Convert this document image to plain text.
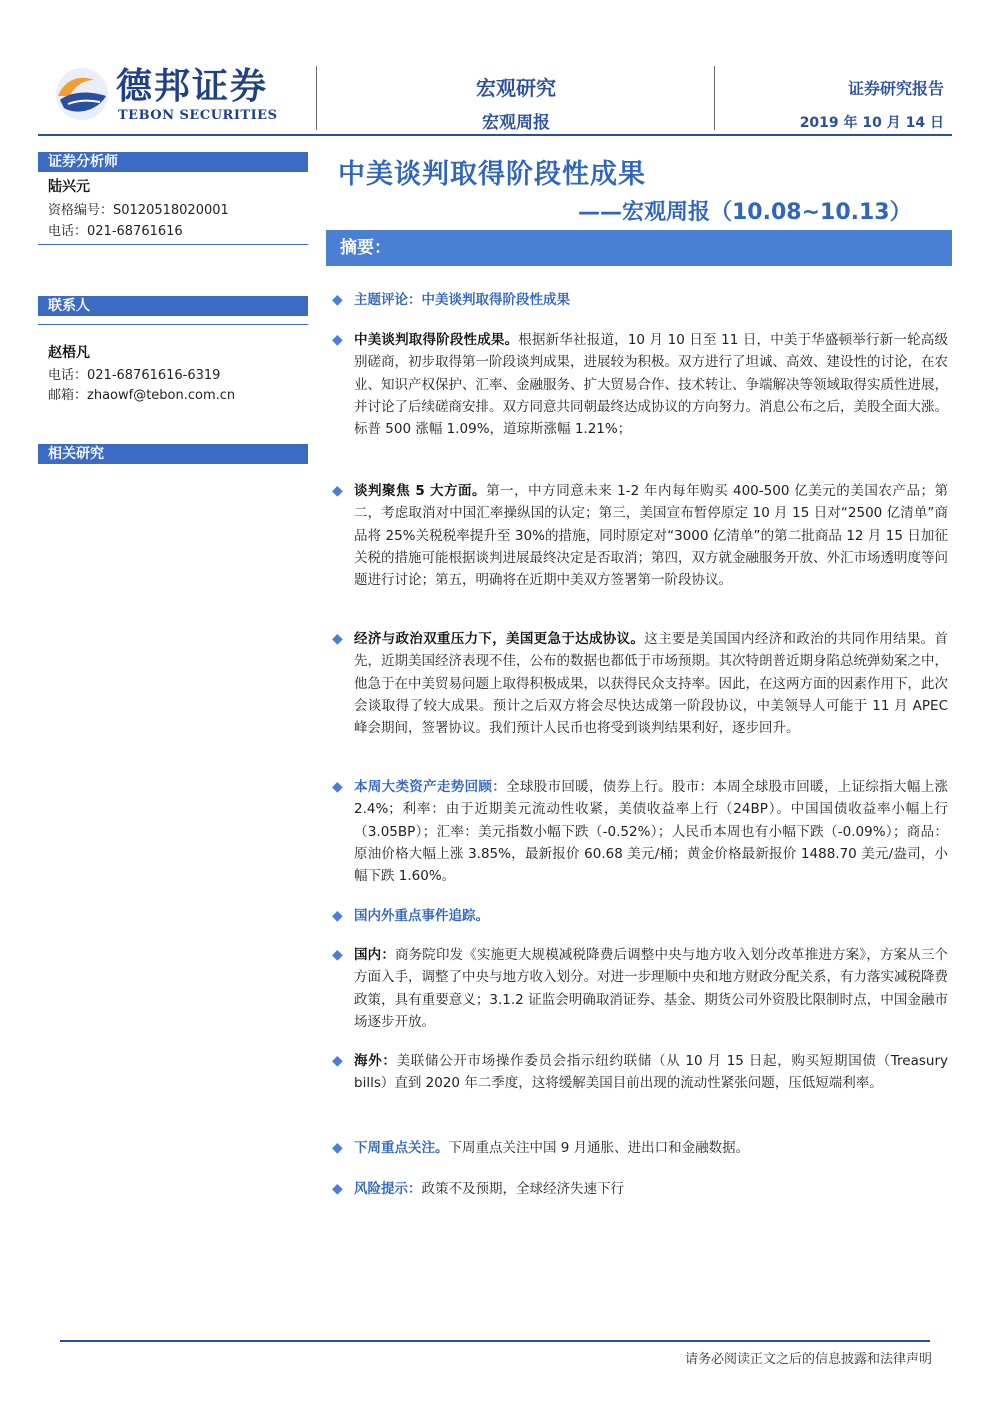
德邦证券
TEBON SECURITIES
宏观研究
宏观周报
证券研究报告
2019 年 10 月 14 日
证券分析师
陆兴元
资格编号：S0120518020001
电话：021-68761616
联系人
赵梧凡
电话：021-68761616-6319
邮箱：zhaowf@tebon.com.cn
相关研究
中美谈判取得阶段性成果
——宏观周报（10.08~10.13）
摘要：
◆ 主题评论：中美谈判取得阶段性成果
◆ 中美谈判取得阶段性成果。根据新华社报道，10 月 10 日至 11 日，中美于华盛顿举行新一轮高级别磋商，初步取得第一阶段谈判成果，进展较为积极。双方进行了坦诚、高效、建设性的讨论，在农业、知识产权保护、汇率、金融服务、扩大贸易合作、技术转让、争端解决等领域取得实质性进展，并讨论了后续磋商安排。双方同意共同朝最终达成协议的方向努力。消息公布之后，美股全面大涨。标普 500 涨幅 1.09%，道琼斯涨幅 1.21%；
◆ 谈判聚焦 5 大方面。第一，中方同意未来 1-2 年内每年购买 400-500 亿美元的美国农产品；第二，考虑取消对中国汇率操纵国的认定；第三，美国宣布暂停原定 10 月 15 日对“2500 亿清单”商品将 25%关税税率提升至 30%的措施，同时原定对“3000 亿清单”的第二批商品 12 月 15 日加征关税的措施可能根据谈判进展最终决定是否取消；第四，双方就金融服务开放、外汇市场透明度等问题进行讨论；第五，明确将在近期中美双方签署第一阶段协议。
◆ 经济与政治双重压力下，美国更急于达成协议。这主要是美国国内经济和政治的共同作用结果。首先，近期美国经济表现不佳，公布的数据也都低于市场预期。其次特朗普近期身陷总统弹劾案之中，他急于在中美贸易问题上取得积极成果，以获得民众支持率。因此，在这两方面的因素作用下，此次会谈取得了较大成果。预计之后双方将会尽快达成第一阶段协议，中美领导人可能于 11 月 APEC 峰会期间，签署协议。我们预计人民币也将受到谈判结果利好，逐步回升。
◆ 本周大类资产走势回顾：全球股市回暖，债券上行。股市：本周全球股市回暖，上证综指大幅上涨 2.4%；利率：由于近期美元流动性收紧，美债收益率上行（24BP）。中国国债收益率小幅上行（3.05BP）；汇率：美元指数小幅下跌（-0.52%）；人民币本周也有小幅下跌（-0.09%）；商品：原油价格大幅上涨 3.85%，最新报价 60.68 美元/桶；黄金价格最新报价 1488.70 美元/盎司，小幅下跌 1.60%。
◆ 国内外重点事件追踪。
◆ 国内：商务院印发《实施更大规模减税降费后调整中央与地方收入划分改革推进方案》，方案从三个方面入手，调整了中央与地方收入划分。对进一步理顺中央和地方财政分配关系，有力落实减税降费政策，具有重要意义；3.1.2 证监会明确取消证券、基金、期货公司外资股比限制时点，中国金融市场逐步开放。
◆ 海外：美联储公开市场操作委员会指示纽约联储（从 10 月 15 日起，购买短期国债（Treasury bills）直到 2020 年二季度，这将缓解美国目前出现的流动性紧张问题，压低短端利率。
◆ 下周重点关注。下周重点关注中国 9 月通胀、进出口和金融数据。
◆ 风险提示：政策不及预期，全球经济失速下行
请务必阅读正文之后的信息披露和法律声明
